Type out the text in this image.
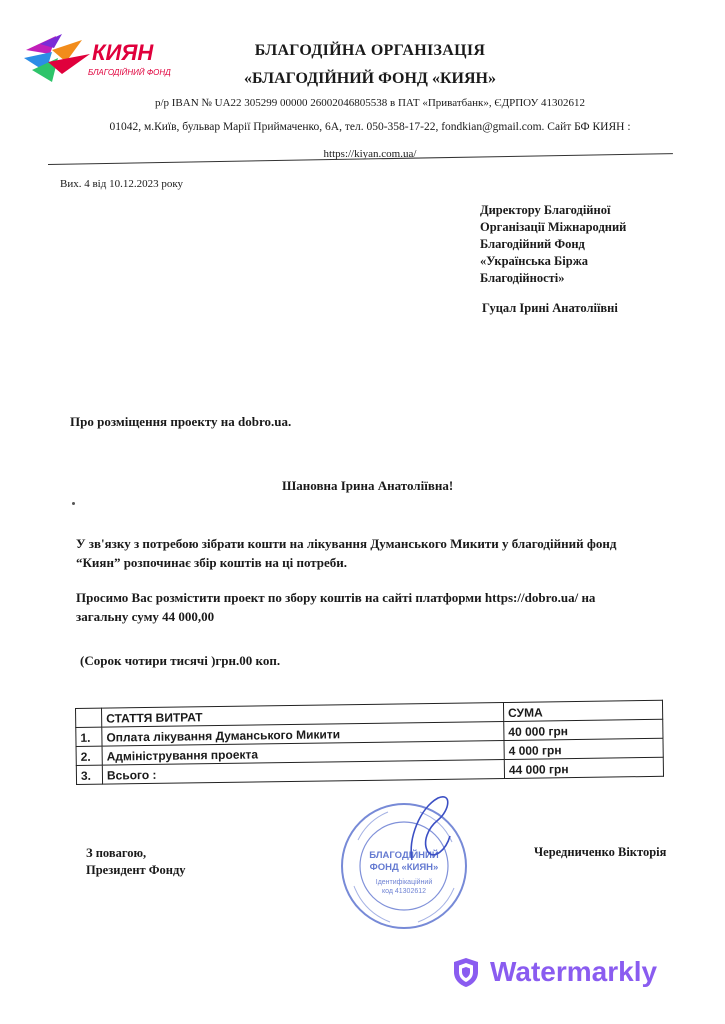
КИЯН
БЛАГОДІЙНИЙ ФОНД
БЛАГОДІЙНА ОРГАНІЗАЦІЯ
«БЛАГОДІЙНИЙ ФОНД «КИЯН»
р/р IBAN № UA22 305299 00000 26002046805538 в ПАТ «Приватбанк», ЄДРПОУ 41302612
01042, м.Київ, бульвар Марії Приймаченко, 6А, тел. 050-358-17-22, fondkian@gmail.com. Сайт БФ КИЯН :
https://kiyan.com.ua/
Вих. 4 від 10.12.2023 року
Директору Благодійної
Організації Міжнародний
Благодійний Фонд
«Українська Біржа
Благодійності»
Гуцал Ірині Анатоліївні
Про розміщення проекту на dobro.ua.
Шановна Ірина Анатоліївна!
У зв'язку з потребою зібрати кошти на лікування Думанського Микити у благодійний фонд
“Киян” розпочинає збір коштів на ці потреби.
Просимо Вас розмістити проект по збору коштів на сайті платформи https://dobro.ua/ на
загальну суму 44 000,00
(Сорок чотири тисячі )грн.00 коп.
	СТАТТЯ ВИТРАТ	СУМА
1.	Оплата лікування Думанського Микити	40 000 грн
2.	Адміністрування проекта	4 000 грн
3.	Всього :	44 000 грн
З повагою,
Президент Фонду
Чередниченко Вікторія
БЛАГОДІЙНИЙ
ФОНД «КИЯН»
Ідентифікаційний
код 41302612
Watermarkly
